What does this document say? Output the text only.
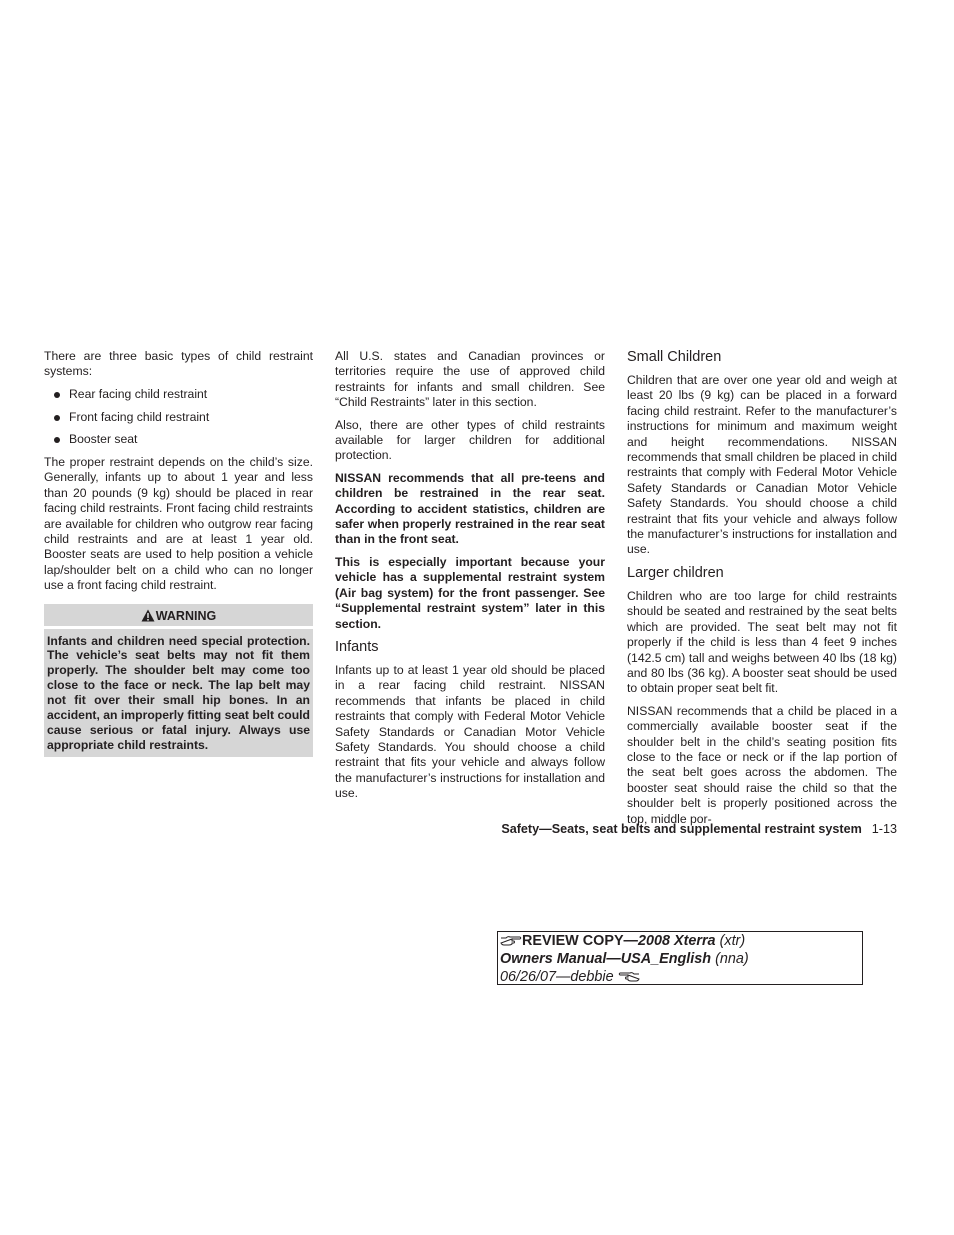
There are three basic types of child restraint systems:

Rear facing child restraint
Front facing child restraint
Booster seat

The proper restraint depends on the child’s size. Generally, infants up to about 1 year and less than 20 pounds (9 kg) should be placed in rear facing child restraints. Front facing child restraints are available for children who outgrow rear facing child restraints and are at least 1 year old. Booster seats are used to help position a vehicle lap/shoulder belt on a child who can no longer use a front facing child restraint.

WARNING
Infants and children need special protection. The vehicle’s seat belts may not fit them properly. The shoulder belt may come too close to the face or neck. The lap belt may not fit over their small hip bones. In an accident, an improperly fitting seat belt could cause serious or fatal injury. Always use appropriate child restraints.

All U.S. states and Canadian provinces or territories require the use of approved child restraints for infants and small children. See “Child Restraints” later in this section.

Also, there are other types of child restraints available for larger children for additional protection.

NISSAN recommends that all pre-teens and children be restrained in the rear seat. According to accident statistics, children are safer when properly restrained in the rear seat than in the front seat.

This is especially important because your vehicle has a supplemental restraint system (Air bag system) for the front passenger. See “Supplemental restraint system” later in this section.

Infants

Infants up to at least 1 year old should be placed in a rear facing child restraint. NISSAN recommends that infants be placed in child restraints that comply with Federal Motor Vehicle Safety Standards or Canadian Motor Vehicle Safety Standards. You should choose a child restraint that fits your vehicle and always follow the manufacturer’s instructions for installation and use.

Small Children

Children that are over one year old and weigh at least 20 lbs (9 kg) can be placed in a forward facing child restraint. Refer to the manufacturer’s instructions for minimum and maximum weight and height recommendations. NISSAN recommends that small children be placed in child restraints that comply with Federal Motor Vehicle Safety Standards or Canadian Motor Vehicle Safety Standards. You should choose a child restraint that fits your vehicle and always follow the manufacturer’s instructions for installation and use.

Larger children

Children who are too large for child restraints should be seated and restrained by the seat belts which are provided. The seat belt may not fit properly if the child is less than 4 feet 9 inches (142.5 cm) tall and weighs between 40 lbs (18 kg) and 80 lbs (36 kg). A booster seat should be used to obtain proper seat belt fit.

NISSAN recommends that a child be placed in a commercially available booster seat if the shoulder belt in the child’s seating position fits close to the face or neck or if the lap portion of the seat belt goes across the abdomen. The booster seat should raise the child so that the shoulder belt is properly positioned across the top, middle por-

Safety—Seats, seat belts and supplemental restraint system 1-13
REVIEW COPY—2008 Xterra (xtr)
Owners Manual—USA_English (nna)
06/26/07—debbie
